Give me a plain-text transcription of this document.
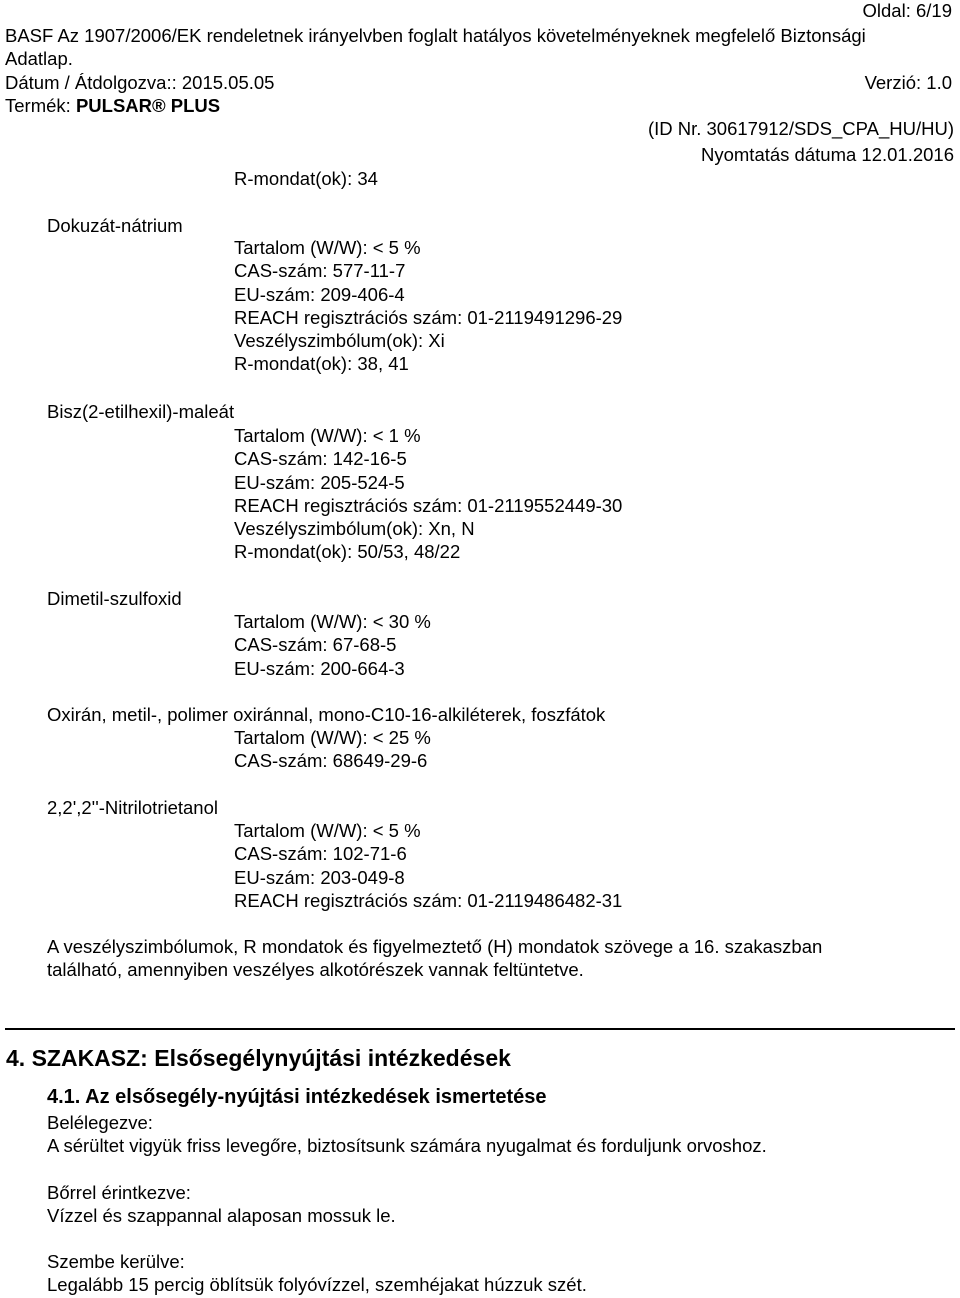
Oldal: 6/19
BASF Az 1907/2006/EK rendeletnek irányelvben foglalt hatályos követelményeknek megfelelő Biztonsági
Adatlap.
Dátum / Átdolgozva:: 2015.05.05	Verzió: 1.0
Termék: PULSAR® PLUS
(ID Nr. 30617912/SDS_CPA_HU/HU)
Nyomtatás dátuma 12.01.2016
R-mondat(ok): 34
Dokuzát-nátrium
Tartalom (W/W): < 5 %
CAS-szám: 577-11-7
EU-szám: 209-406-4
REACH regisztrációs szám: 01-2119491296-29
Veszélyszimbólum(ok): Xi
R-mondat(ok): 38, 41
Bisz(2-etilhexil)-maleát
Tartalom (W/W): < 1 %
CAS-szám: 142-16-5
EU-szám: 205-524-5
REACH regisztrációs szám: 01-2119552449-30
Veszélyszimbólum(ok): Xn, N
R-mondat(ok): 50/53, 48/22
Dimetil-szulfoxid
Tartalom (W/W): < 30 %
CAS-szám: 67-68-5
EU-szám: 200-664-3
Oxirán, metil-, polimer oxiránnal, mono-C10-16-alkiléterek, foszfátok
Tartalom (W/W): < 25 %
CAS-szám: 68649-29-6
2,2',2''-Nitrilotrietanol
Tartalom (W/W): < 5 %
CAS-szám: 102-71-6
EU-szám: 203-049-8
REACH regisztrációs szám: 01-2119486482-31
A veszélyszimbólumok, R mondatok és figyelmeztető (H) mondatok szövege a 16. szakaszban
található, amennyiben veszélyes alkotórészek vannak feltüntetve.
4. SZAKASZ: Elsősegélynyújtási intézkedések
4.1. Az elsősegély-nyújtási intézkedések ismertetése
Belélegezve:
A sérültet vigyük friss levegőre, biztosítsunk számára nyugalmat és forduljunk orvoshoz.
Bőrrel érintkezve:
Vízzel és szappannal alaposan mossuk le.
Szembe kerülve:
Legalább 15 percig öblítsük folyóvízzel, szemhéjakat húzzuk szét.
